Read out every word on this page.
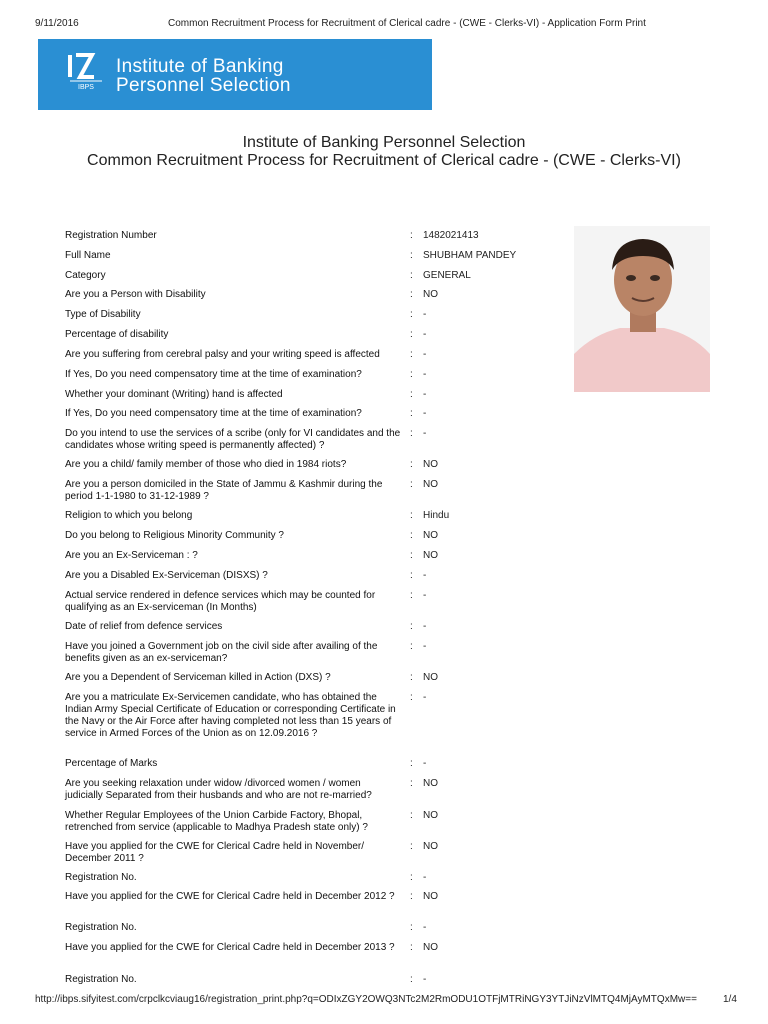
9/11/2016	Common Recruitment Process for Recruitment of Clerical cadre - (CWE - Clerks-VI) - Application Form Print
IBPS
Institute of Banking
Personnel Selection
Institute of Banking Personnel Selection
Common Recruitment Process for Recruitment of Clerical cadre - (CWE - Clerks-VI)
Registration Number	: 1482021413
Full Name	: SHUBHAM PANDEY
Category	: GENERAL
Are you a Person with Disability	: NO
Type of Disability	: -
Percentage of disability	: -
Are you suffering from cerebral palsy and your writing speed is affected	: -
If Yes, Do you need compensatory time at the time of examination?	: -
Whether your dominant (Writing) hand is affected	: -
If Yes, Do you need compensatory time at the time of examination?	: -
Do you intend to use the services of a scribe (only for VI candidates and the candidates whose writing speed is permanently affected) ?
: -
Are you a child/ family member of those who died in 1984 riots?	: NO
Are you a person domiciled in the State of Jammu & Kashmir during the period 1-1-1980 to 31-12-1989 ?
: NO
Religion to which you belong	: Hindu
Do you belong to Religious Minority Community ?	: NO
Are you an Ex-Serviceman : ?	: NO
Are you a Disabled Ex-Serviceman (DISXS) ?	: -
Actual service rendered in defence services which may be counted for qualifying as an Ex-serviceman (In Months)
: -
Date of relief from defence services	: -
Have you joined a Government job on the civil side after availing of the benefits given as an ex-serviceman?
: -
Are you a Dependent of Serviceman killed in Action (DXS) ?	: NO
Are you a matriculate Ex-Servicemen candidate, who has obtained the Indian Army Special Certificate of Education or corresponding Certificate in the Navy or the Air Force after having completed not less than 15 years of service in Armed Forces of the Union as on 12.09.2016 ?
: -
Percentage of Marks	: -
Are you seeking relaxation under widow /divorced women / women judicially Separated from their husbands and who are not re-married?
: NO
Whether Regular Employees of the Union Carbide Factory, Bhopal, retrenched from service (applicable to Madhya Pradesh state only) ?
: NO
Have you applied for the CWE for Clerical Cadre held in November/ December 2011 ?
: NO
Registration No.	: -
Have you applied for the CWE for Clerical Cadre held in December 2012 ?	: NO
Registration No.	: -
Have you applied for the CWE for Clerical Cadre held in December 2013 ?	: NO
Registration No.	: -
http://ibps.sifyitest.com/crpclkcviaug16/registration_print.php?q=ODIxZGY2OWQ3NTc2M2RmODU1OTFjMTRiNGY3YTJiNzVlMTQ4MjAyMTQxMw==	1/4
